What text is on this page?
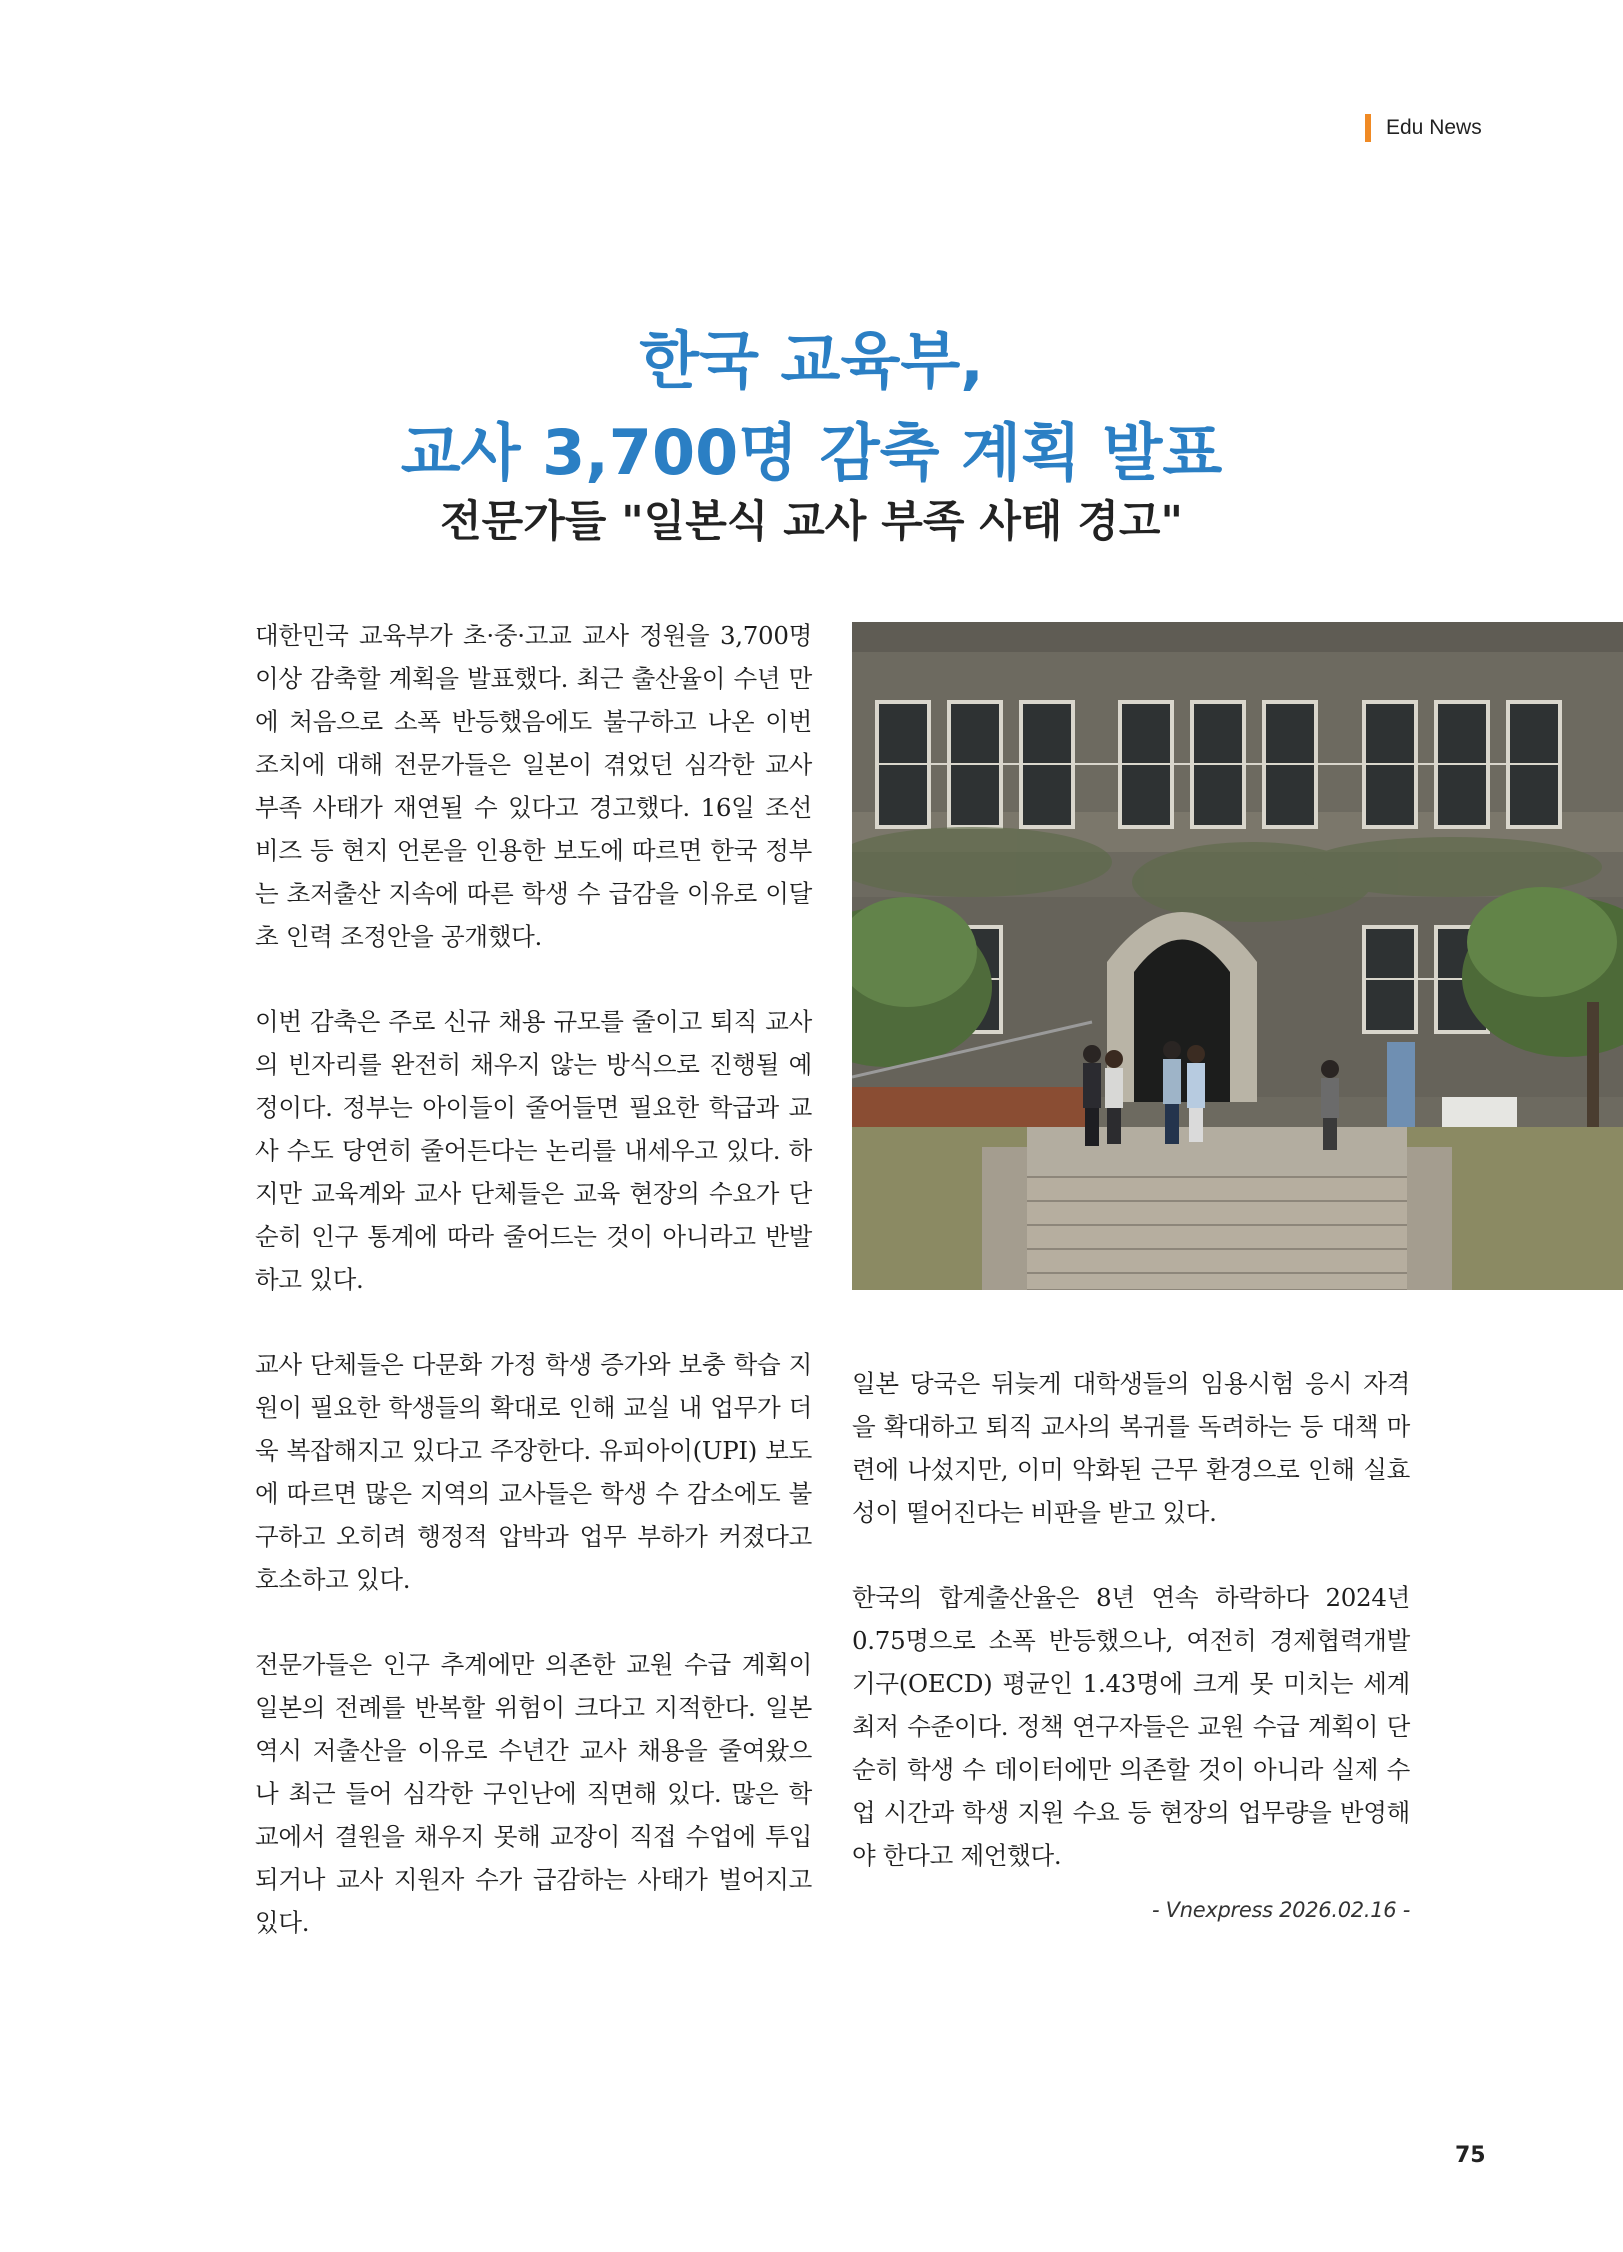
Edu News
한국 교육부,
교사 3,700명 감축 계획 발표
전문가들 "일본식 교사 부족 사태 경고"

대한민국 교육부가 초·중·고교 교사 정원을 3,700명 이상 감축할 계획을 발표했다. 최근 출산율이 수년 만에 처음으로 소폭 반등했음에도 불구하고 나온 이번 조치에 대해 전문가들은 일본이 겪었던 심각한 교사 부족 사태가 재연될 수 있다고 경고했다. 16일 조선비즈 등 현지 언론을 인용한 보도에 따르면 한국 정부는 초저출산 지속에 따른 학생 수 급감을 이유로 이달 초 인력 조정안을 공개했다.

이번 감축은 주로 신규 채용 규모를 줄이고 퇴직 교사의 빈자리를 완전히 채우지 않는 방식으로 진행될 예정이다. 정부는 아이들이 줄어들면 필요한 학급과 교사 수도 당연히 줄어든다는 논리를 내세우고 있다. 하지만 교육계와 교사 단체들은 교육 현장의 수요가 단순히 인구 통계에 따라 줄어드는 것이 아니라고 반발하고 있다.

교사 단체들은 다문화 가정 학생 증가와 보충 학습 지원이 필요한 학생들의 확대로 인해 교실 내 업무가 더욱 복잡해지고 있다고 주장한다. 유피아이(UPI) 보도에 따르면 많은 지역의 교사들은 학생 수 감소에도 불구하고 오히려 행정적 압박과 업무 부하가 커졌다고 호소하고 있다.

전문가들은 인구 추계에만 의존한 교원 수급 계획이 일본의 전례를 반복할 위험이 크다고 지적한다. 일본 역시 저출산을 이유로 수년간 교사 채용을 줄여왔으나 최근 들어 심각한 구인난에 직면해 있다. 많은 학교에서 결원을 채우지 못해 교장이 직접 수업에 투입되거나 교사 지원자 수가 급감하는 사태가 벌어지고 있다.

일본 당국은 뒤늦게 대학생들의 임용시험 응시 자격을 확대하고 퇴직 교사의 복귀를 독려하는 등 대책 마련에 나섰지만, 이미 악화된 근무 환경으로 인해 실효성이 떨어진다는 비판을 받고 있다.

한국의 합계출산율은 8년 연속 하락하다 2024년 0.75명으로 소폭 반등했으나, 여전히 경제협력개발기구(OECD) 평균인 1.43명에 크게 못 미치는 세계 최저 수준이다. 정책 연구자들은 교원 수급 계획이 단순히 학생 수 데이터에만 의존할 것이 아니라 실제 수업 시간과 학생 지원 수요 등 현장의 업무량을 반영해야 한다고 제언했다.

- Vnexpress 2026.02.16 -
75
